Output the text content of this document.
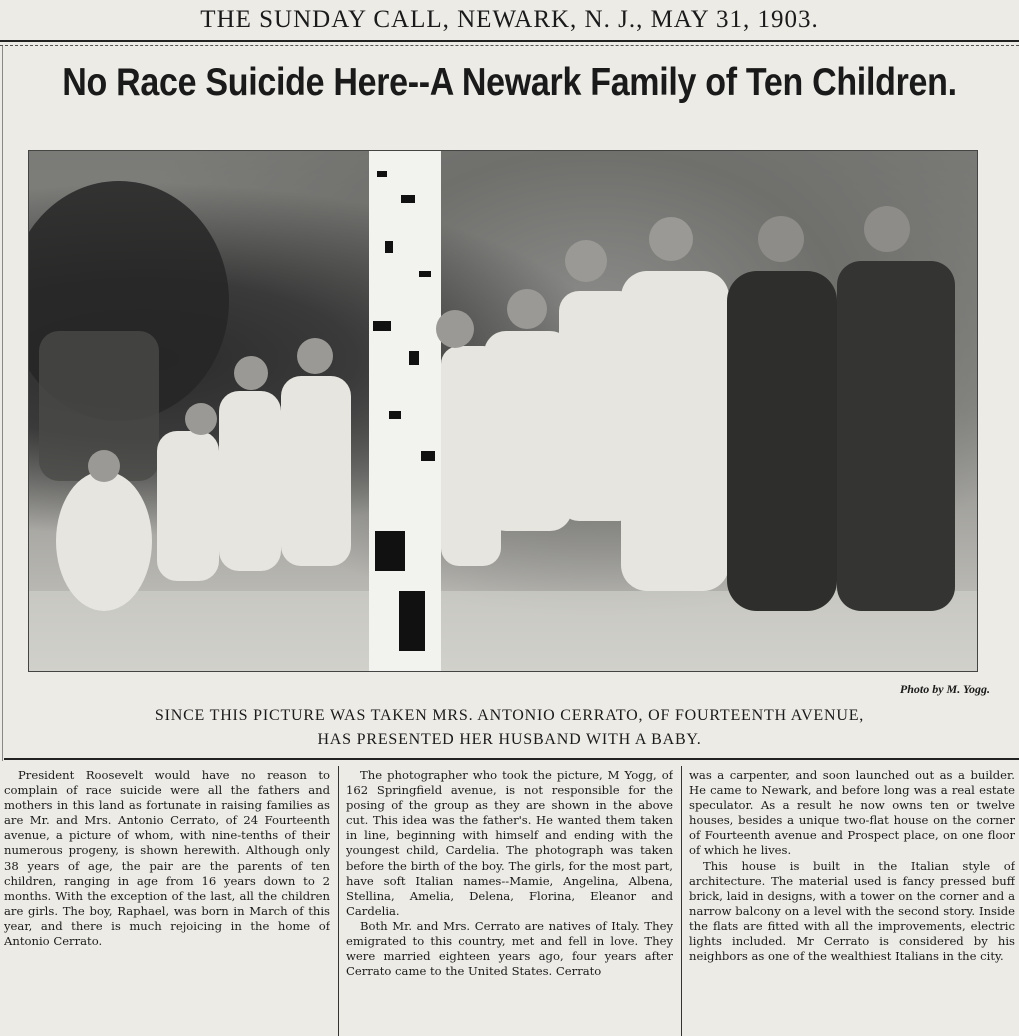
THE SUNDAY CALL, NEWARK, N. J., MAY 31, 1903.
No Race Suicide Here--A Newark Family of Ten Children.
Photo by M. Yogg.
SINCE THIS PICTURE WAS TAKEN MRS. ANTONIO CERRATO, OF FOURTEENTH AVENUE,
HAS PRESENTED HER HUSBAND WITH A BABY.

President Roosevelt would have no reason to complain of race suicide were all the fathers and mothers in this land as fortunate in raising families as are Mr. and Mrs. Antonio Cerrato, of 24 Fourteenth avenue, a picture of whom, with nine-tenths of their numerous progeny, is shown herewith. Although only 38 years of age, the pair are the parents of ten children, ranging in age from 16 years down to 2 months. With the exception of the last, all the children are girls. The boy, Raphael, was born in March of this year, and there is much rejoicing in the home of Antonio Cerrato.

The photographer who took the picture, M Yogg, of 162 Springfield avenue, is not responsible for the posing of the group as they are shown in the above cut. This idea was the father's. He wanted them taken in line, beginning with himself and ending with the youngest child, Cardelia. The photograph was taken before the birth of the boy. The girls, for the most part, have soft Italian names--Mamie, Angelina, Albena, Stellina, Amelia, Delena, Florina, Eleanor and Cardelia.

Both Mr. and Mrs. Cerrato are natives of Italy. They emigrated to this country, met and fell in love. They were married eighteen years ago, four years after Cerrato came to the United States. Cerrato

was a carpenter, and soon launched out as a builder. He came to Newark, and before long was a real estate speculator. As a result he now owns ten or twelve houses, besides a unique two-flat house on the corner of Fourteenth avenue and Prospect place, on one floor of which he lives.

This house is built in the Italian style of architecture. The material used is fancy pressed buff brick, laid in designs, with a tower on the corner and a narrow balcony on a level with the second story. Inside the flats are fitted with all the improvements, electric lights included. Mr Cerrato is considered by his neighbors as one of the wealthiest Italians in the city.
